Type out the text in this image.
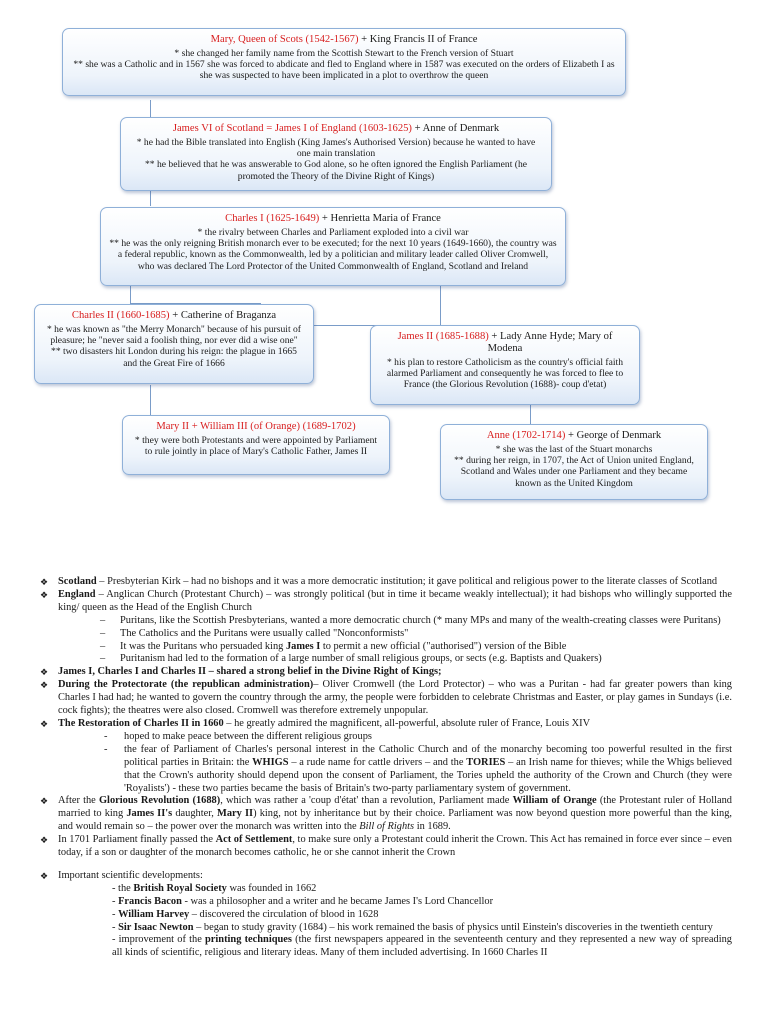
Mary, Queen of Scots (1542-1567) + King Francis II of France

* she changed her family name from the Scottish Stewart to the French version of Stuart

** she was a Catholic and in 1567 she was forced to abdicate and fled to England where in 1587 was executed on the orders of Elizabeth I as she was suspected to have been implicated in a plot to overthrow the queen

James VI of Scotland = James I of England (1603-1625) + Anne of Denmark

* he had the Bible translated into English (King James's Authorised Version) because he wanted to have one main translation

** he believed that he was answerable to God alone, so he often ignored the English Parliament (he promoted the Theory of the Divine Right of Kings)

Charles I (1625-1649) + Henrietta Maria of France

* the rivalry between Charles and Parliament exploded into a civil war

** he was the only reigning British monarch ever to be executed; for the next 10 years (1649-1660), the country was a federal republic, known as the Commonwealth, led by a politician and military leader called Oliver Cromwell, who was declared The Lord Protector of the United Commonwealth of England, Scotland and Ireland

Charles II (1660-1685) + Catherine of Braganza

* he was known as "the Merry Monarch" because of his pursuit of pleasure; he "never said a foolish thing, nor ever did a wise one"

** two disasters hit London during his reign: the plague in 1665 and the Great Fire of 1666

James II (1685-1688) + Lady Anne Hyde; Mary of Modena

* his plan to restore Catholicism as the country's official faith alarmed Parliament and consequently he was forced to flee to France (the Glorious Revolution (1688)- coup d'etat)

Mary II + William III (of Orange) (1689-1702)

* they were both Protestants and were appointed by Parliament to rule jointly in place of Mary's Catholic Father, James II

Anne (1702-1714) + George of Denmark

* she was the last of the Stuart monarchs

** during her reign, in 1707, the Act of Union united England, Scotland and Wales under one Parliament and they became known as the United Kingdom

❖ Scotland – Presbyterian Kirk – had no bishops and it was a more democratic institution; it gave political and religious power to the literate classes of Scotland
❖ England – Anglican Church (Protestant Church) – was strongly political (but in time it became weakly intellectual); it had bishops who willingly supported the king/ queen as the Head of the English Church
– Puritans, like the Scottish Presbyterians, wanted a more democratic church (* many MPs and many of the wealth-creating classes were Puritans)
– The Catholics and the Puritans were usually called "Nonconformists"
– It was the Puritans who persuaded king James I to permit a new official ("authorised") version of the Bible
– Puritanism had led to the formation of a large number of small religious groups, or sects (e.g. Baptists and Quakers)
❖ James I, Charles I and Charles II – shared a strong belief in the Divine Right of Kings;
❖ During the Protectorate (the republican administration)– Oliver Cromwell (the Lord Protector) – who was a Puritan - had far greater powers than king Charles I had had; he wanted to govern the country through the army, the people were forbidden to celebrate Christmas and Easter, or play games in Sundays (i.e. cock fights); the theatres were also closed. Cromwell was therefore extremely unpopular.
❖ The Restoration of Charles II in 1660 – he greatly admired the magnificent, all-powerful, absolute ruler of France, Louis XIV
- hoped to make peace between the different religious groups
- the fear of Parliament of Charles's personal interest in the Catholic Church and of the monarchy becoming too powerful resulted in the first political parties in Britain: the WHIGS – a rude name for cattle drivers – and the TORIES – an Irish name for thieves; while the Whigs believed that the Crown's authority should depend upon the consent of Parliament, the Tories upheld the authority of the Crown and Church (they were 'Royalists') - these two parties became the basis of Britain's two-party parliamentary system of government.
❖ After the Glorious Revolution (1688), which was rather a 'coup d'état' than a revolution, Parliament made William of Orange (the Protestant ruler of Holland married to king James II's daughter, Mary II) king, not by inheritance but by their choice. Parliament was now beyond question more powerful than the king, and would remain so – the power over the monarch was written into the Bill of Rights in 1689.
❖ In 1701 Parliament finally passed the Act of Settlement, to make sure only a Protestant could inherit the Crown. This Act has remained in force ever since – even today, if a son or daughter of the monarch becomes catholic, he or she cannot inherit the Crown
❖ Important scientific developments:
- the British Royal Society was founded in 1662
- Francis Bacon - was a philosopher and a writer and he became James I's Lord Chancellor
- William Harvey – discovered the circulation of blood in 1628
- Sir Isaac Newton – began to study gravity (1684) – his work remained the basis of physics until Einstein's discoveries in the twentieth century
- improvement of the printing techniques (the first newspapers appeared in the seventeenth century and they represented a new way of spreading all kinds of scientific, religious and literary ideas. Many of them included advertising. In 1660 Charles II
